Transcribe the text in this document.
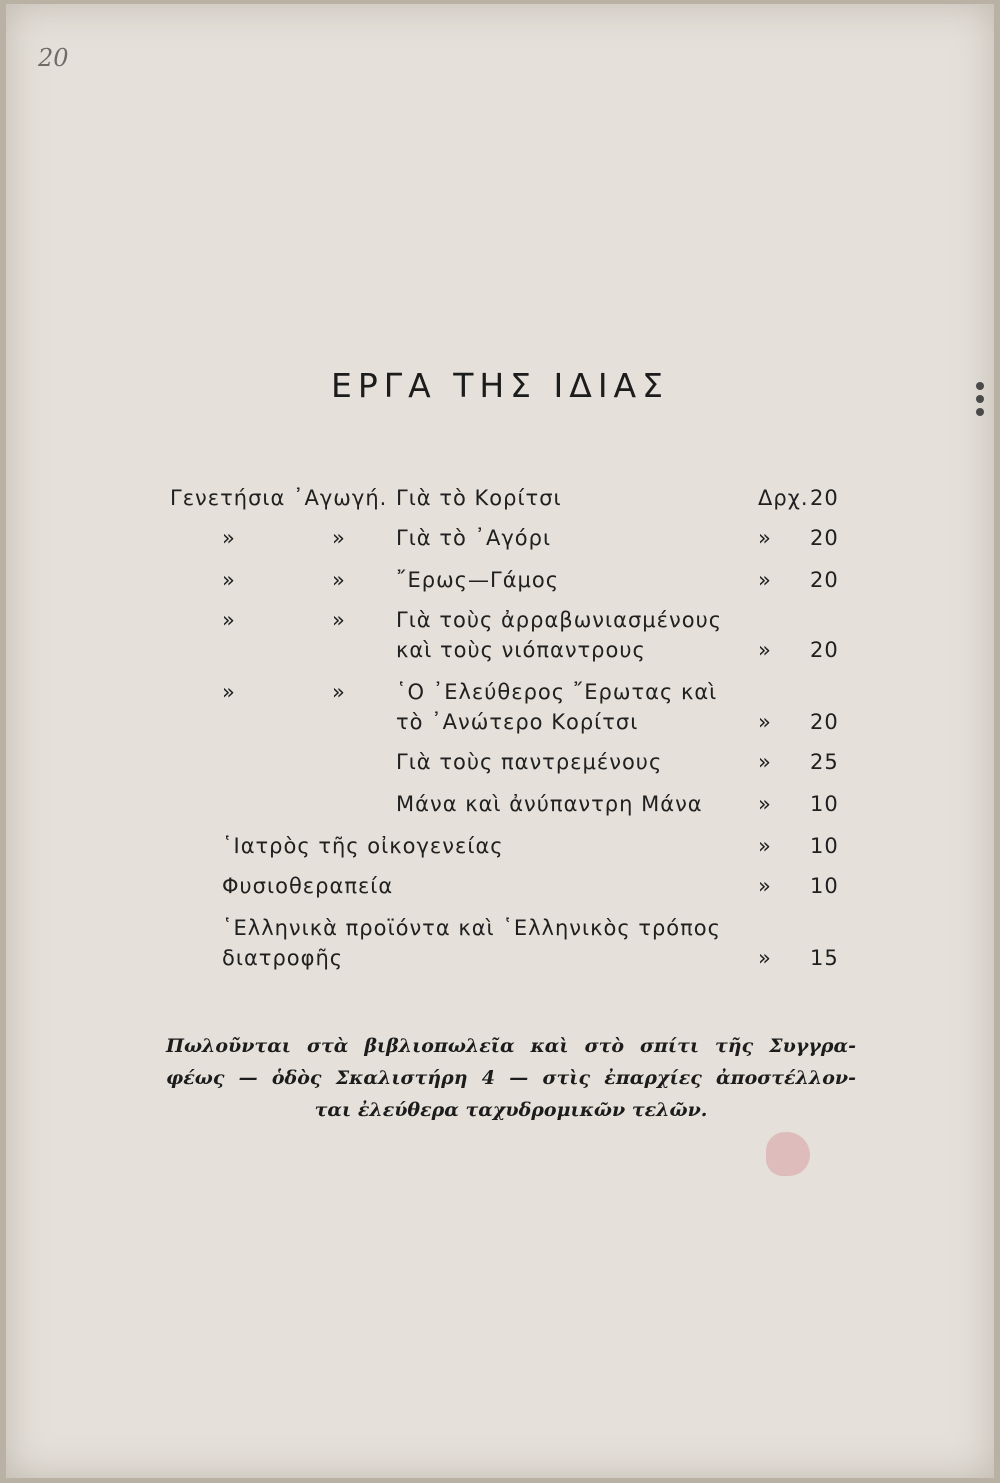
20
ΕΡΓΑ ΤΗΣ ΙΔΙΑΣ
Γενετήσια ᾿Αγωγή. Γιὰ τὸ Κορίτσι	Δρχ. 20
»	» Γιὰ τὸ ᾿Αγόρι	» 20
»	» ῎Ερως—Γάμος	» 20
»	» Γιὰ τοὺς ἀρραβωνιασμένους
καὶ τοὺς νιόπαντρους	» 20
»	» ῾Ο ᾿Ελεύθερος ῎Ερωτας καὶ
τὸ ᾿Ανώτερο Κορίτσι	» 20
Γιὰ τοὺς παντρεμένους	» 25
Μάνα καὶ ἀνύπαντρη Μάνα	» 10
῾Ιατρὸς τῆς οἰκογενείας	» 10
Φυσιοθεραπεία	» 10
῾Ελληνικὰ προϊόντα καὶ ῾Ελληνικὸς τρόπος
διατροφῆς	» 15
Πωλοῦνται στὰ βιβλιοπωλεῖα καὶ στὸ σπίτι τῆς Συγγρα-
φέως — ὁδὸς Σκαλιστήρη 4 — στὶς ἐπαρχίες ἀποστέλλον-
ται ἐλεύθερα ταχυδρομικῶν τελῶν.
